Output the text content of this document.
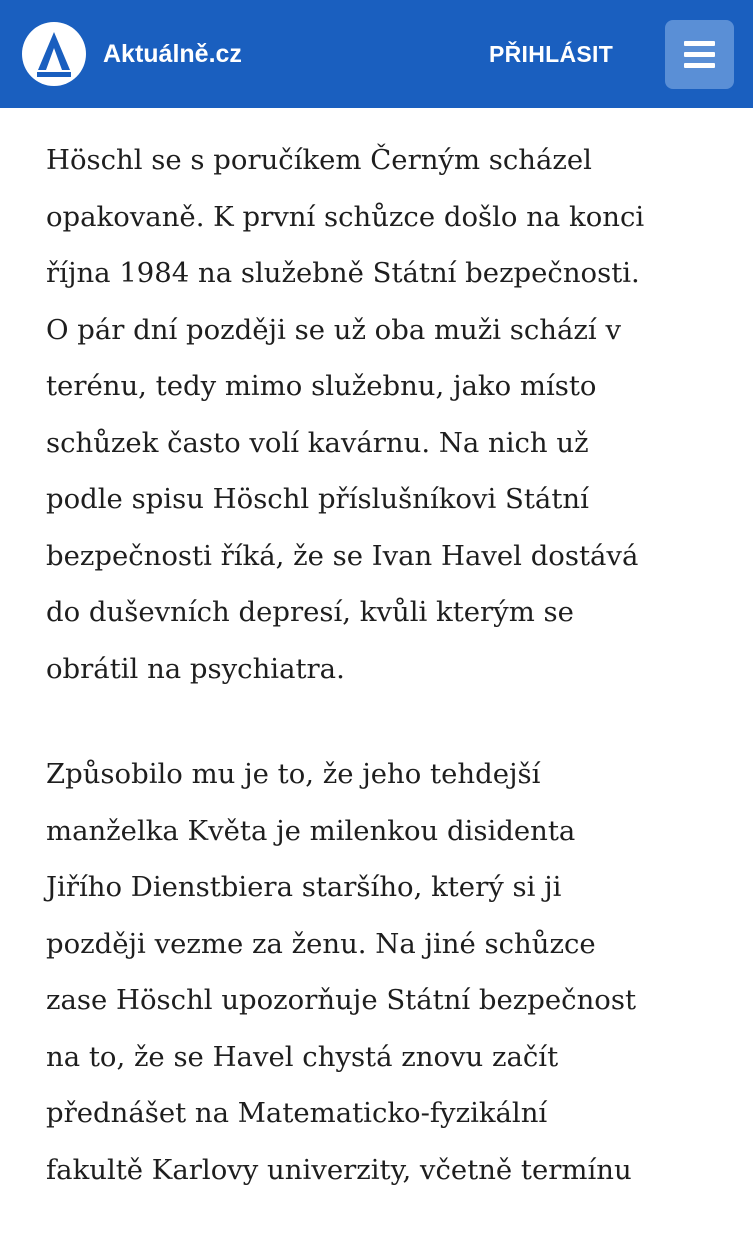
Aktuálně.cz	PŘIHLÁSIT

Höschl se s poručíkem Černým scházel
opakovaně. K první schůzce došlo na konci
října 1984 na služebně Státní bezpečnosti.
O pár dní později se už oba muži schází v
terénu, tedy mimo služebnu, jako místo
schůzek často volí kavárnu. Na nich už
podle spisu Höschl příslušníkovi Státní
bezpečnosti říká, že se Ivan Havel dostává
do duševních depresí, kvůli kterým se
obrátil na psychiatra.

Způsobilo mu je to, že jeho tehdejší
manželka Květa je milenkou disidenta
Jiřího Dienstbiera staršího, který si ji
později vezme za ženu. Na jiné schůzce
zase Höschl upozorňuje Státní bezpečnost
na to, že se Havel chystá znovu začít
přednášet na Matematicko-fyzikální
fakultě Karlovy univerzity, včetně termínu
